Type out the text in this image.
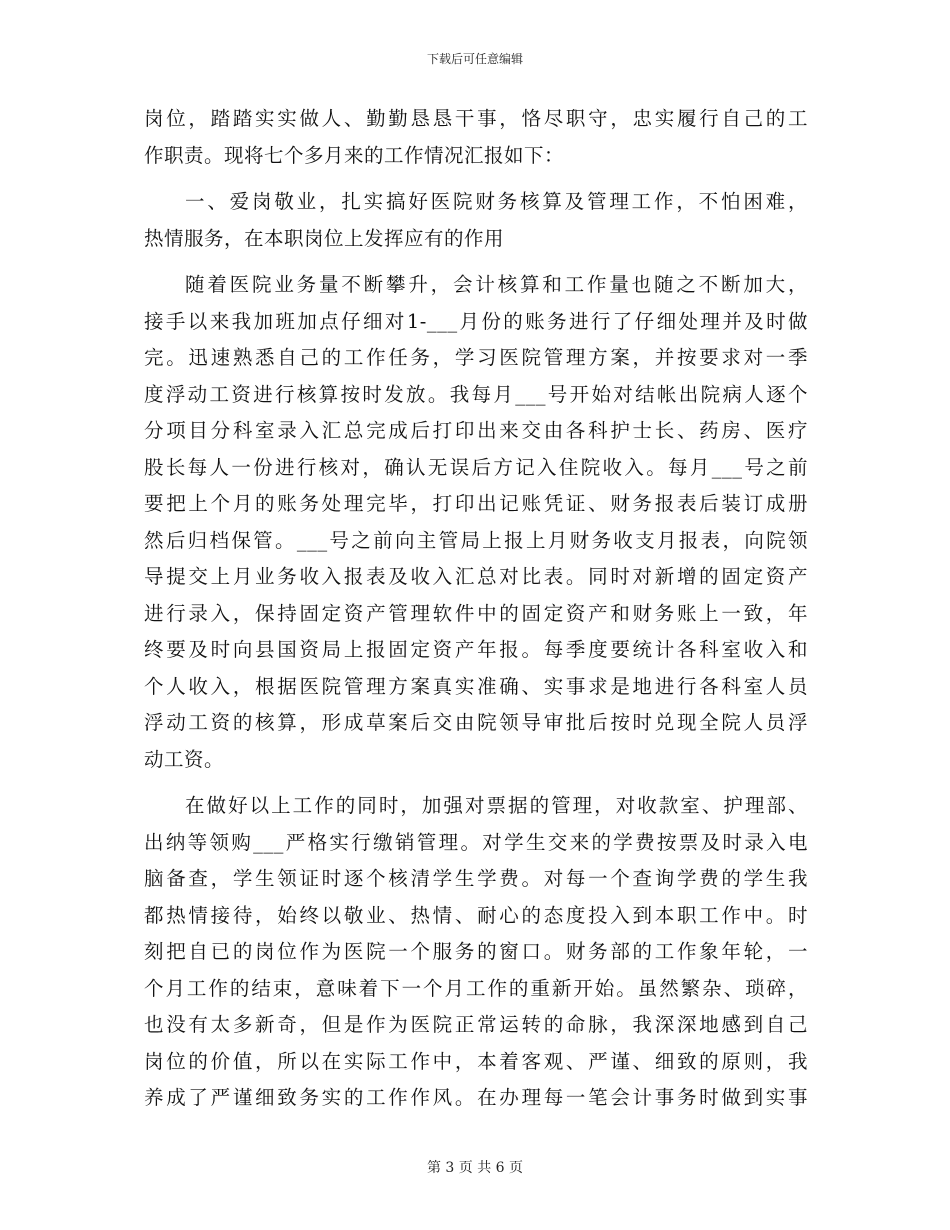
下载后可任意编辑
岗位，踏踏实实做人、勤勤恳恳干事，恪尽职守，忠实履行自己的工
作职责。现将七个多月来的工作情况汇报如下：
一、爱岗敬业，扎实搞好医院财务核算及管理工作，不怕困难，
热情服务，在本职岗位上发挥应有的作用
随着医院业务量不断攀升，会计核算和工作量也随之不断加大，
接手以来我加班加点仔细对1-___月份的账务进行了仔细处理并及时做
完。迅速熟悉自己的工作任务，学习医院管理方案，并按要求对一季
度浮动工资进行核算按时发放。我每月___号开始对结帐出院病人逐个
分项目分科室录入汇总完成后打印出来交由各科护士长、药房、医疗
股长每人一份进行核对，确认无误后方记入住院收入。每月___号之前
要把上个月的账务处理完毕，打印出记账凭证、财务报表后装订成册
然后归档保管。___号之前向主管局上报上月财务收支月报表，向院领
导提交上月业务收入报表及收入汇总对比表。同时对新增的固定资产
进行录入，保持固定资产管理软件中的固定资产和财务账上一致，年
终要及时向县国资局上报固定资产年报。每季度要统计各科室收入和
个人收入，根据医院管理方案真实准确、实事求是地进行各科室人员
浮动工资的核算，形成草案后交由院领导审批后按时兑现全院人员浮
动工资。
在做好以上工作的同时，加强对票据的管理，对收款室、护理部、
出纳等领购___严格实行缴销管理。对学生交来的学费按票及时录入电
脑备查，学生领证时逐个核清学生学费。对每一个查询学费的学生我
都热情接待，始终以敬业、热情、耐心的态度投入到本职工作中。时
刻把自已的岗位作为医院一个服务的窗口。财务部的工作象年轮，一
个月工作的结束，意味着下一个月工作的重新开始。虽然繁杂、琐碎，
也没有太多新奇，但是作为医院正常运转的命脉，我深深地感到自己
岗位的价值，所以在实际工作中，本着客观、严谨、细致的原则，我
养成了严谨细致务实的工作作风。在办理每一笔会计事务时做到实事
第 3 页 共 6 页
